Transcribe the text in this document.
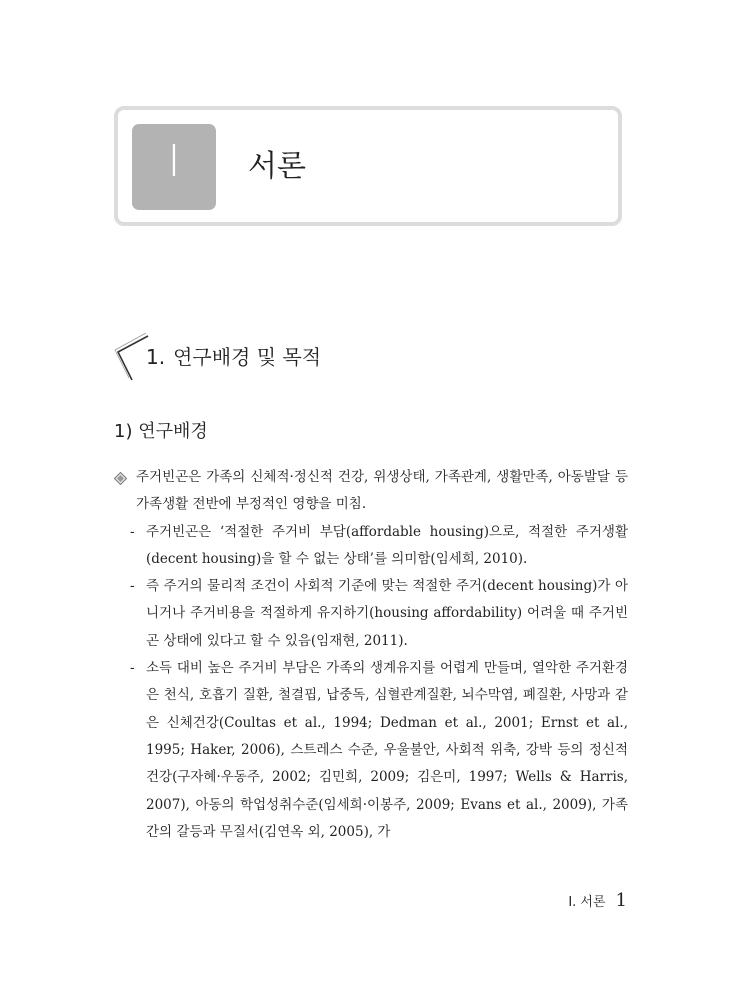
I	서론
1. 연구배경 및 목적
1) 연구배경
주거빈곤은 가족의 신체적·정신적 건강, 위생상태, 가족관계, 생활만족, 아동발달 등 가족생활 전반에 부정적인 영향을 미침.
- 주거빈곤은 ‘적절한 주거비 부담(affordable housing)으로, 적절한 주거생활(decent housing)을 할 수 없는 상태’를 의미함(임세희, 2010).
- 즉 주거의 물리적 조건이 사회적 기준에 맞는 적절한 주거(decent housing)가 아니거나 주거비용을 적절하게 유지하기(housing affordability) 어려울 때 주거빈곤 상태에 있다고 할 수 있음(임재현, 2011).
- 소득 대비 높은 주거비 부담은 가족의 생계유지를 어렵게 만들며, 열악한 주거환경은 천식, 호흡기 질환, 철결핍, 납중독, 심혈관계질환, 뇌수막염, 폐질환, 사망과 같은 신체건강(Coultas et al., 1994; Dedman et al., 2001; Ernst et al., 1995; Haker, 2006), 스트레스 수준, 우울불안, 사회적 위축, 강박 등의 정신적 건강(구자혜·우동주, 2002; 김민희, 2009; 김은미, 1997; Wells & Harris, 2007), 아동의 학업성취수준(임세희·이봉주, 2009; Evans et al., 2009), 가족 간의 갈등과 무질서(김연옥 외, 2005), 가
Ⅰ. 서론 1
